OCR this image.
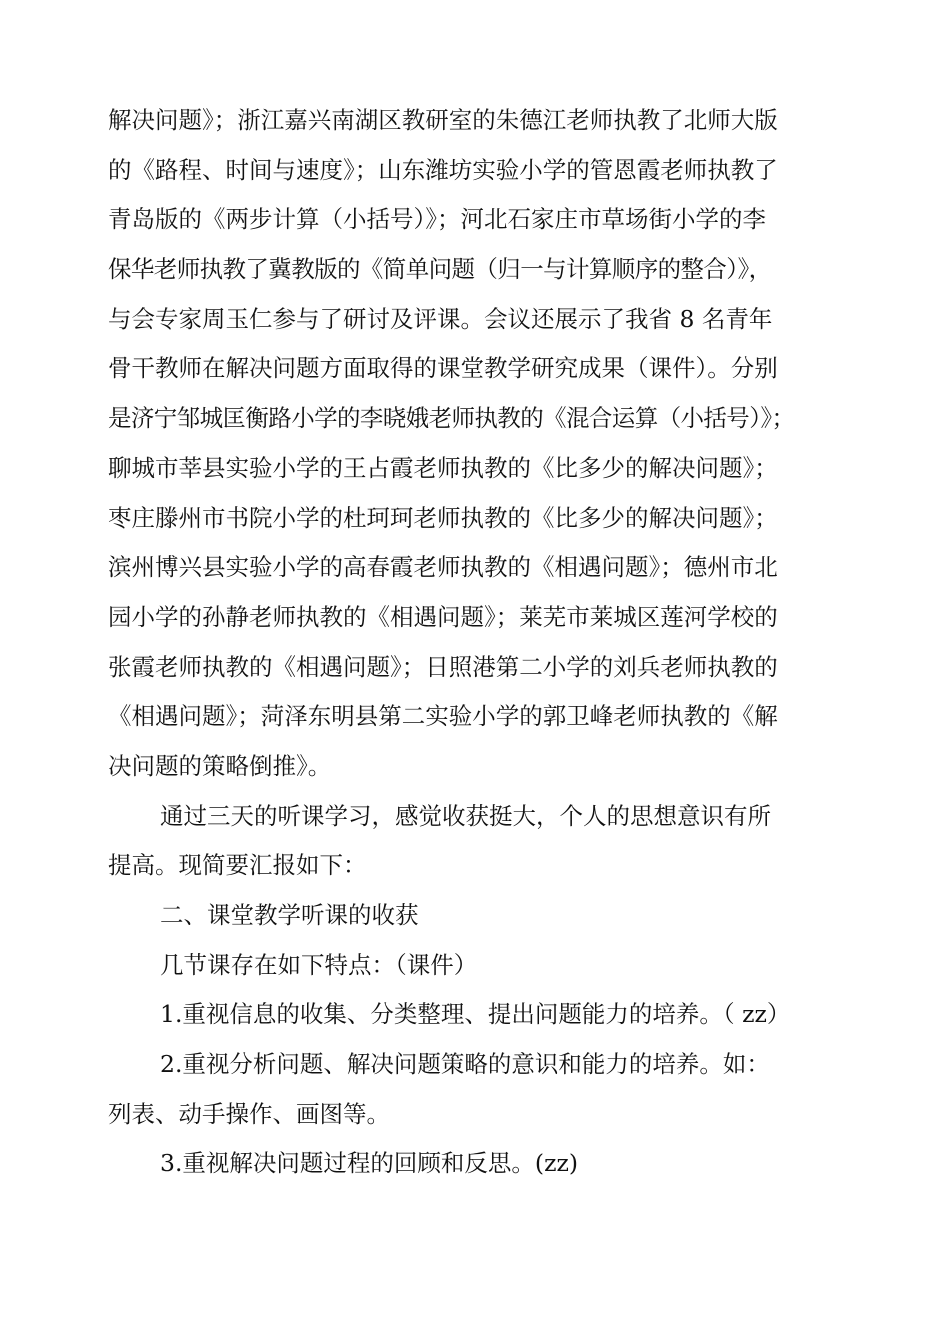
解决问题》；浙江嘉兴南湖区教研室的朱德江老师执教了北师大版
的《路程、时间与速度》；山东潍坊实验小学的管恩霞老师执教了
青岛版的《两步计算（小括号）》；河北石家庄市草场街小学的李
保华老师执教了冀教版的《简单问题（归一与计算顺序的整合）》，
与会专家周玉仁参与了研讨及评课。会议还展示了我省 8 名青年
骨干教师在解决问题方面取得的课堂教学研究成果（课件）。分别
是济宁邹城匡衡路小学的李晓娥老师执教的《混合运算（小括号）》；
聊城市莘县实验小学的王占霞老师执教的《比多少的解决问题》；
枣庄滕州市书院小学的杜珂珂老师执教的《比多少的解决问题》；
滨州博兴县实验小学的高春霞老师执教的《相遇问题》；德州市北
园小学的孙静老师执教的《相遇问题》；莱芜市莱城区莲河学校的
张霞老师执教的《相遇问题》；日照港第二小学的刘兵老师执教的
《相遇问题》；菏泽东明县第二实验小学的郭卫峰老师执教的《解
决问题的策略倒推》。
通过三天的听课学习，感觉收获挺大，个人的思想意识有所
提高。现简要汇报如下：
二、课堂教学听课的收获
几节课存在如下特点：（课件）
1.重视信息的收集、分类整理、提出问题能力的培养。（ zz）
2.重视分析问题、解决问题策略的意识和能力的培养。如：
列表、动手操作、画图等。
3.重视解决问题过程的回顾和反思。(zz)
